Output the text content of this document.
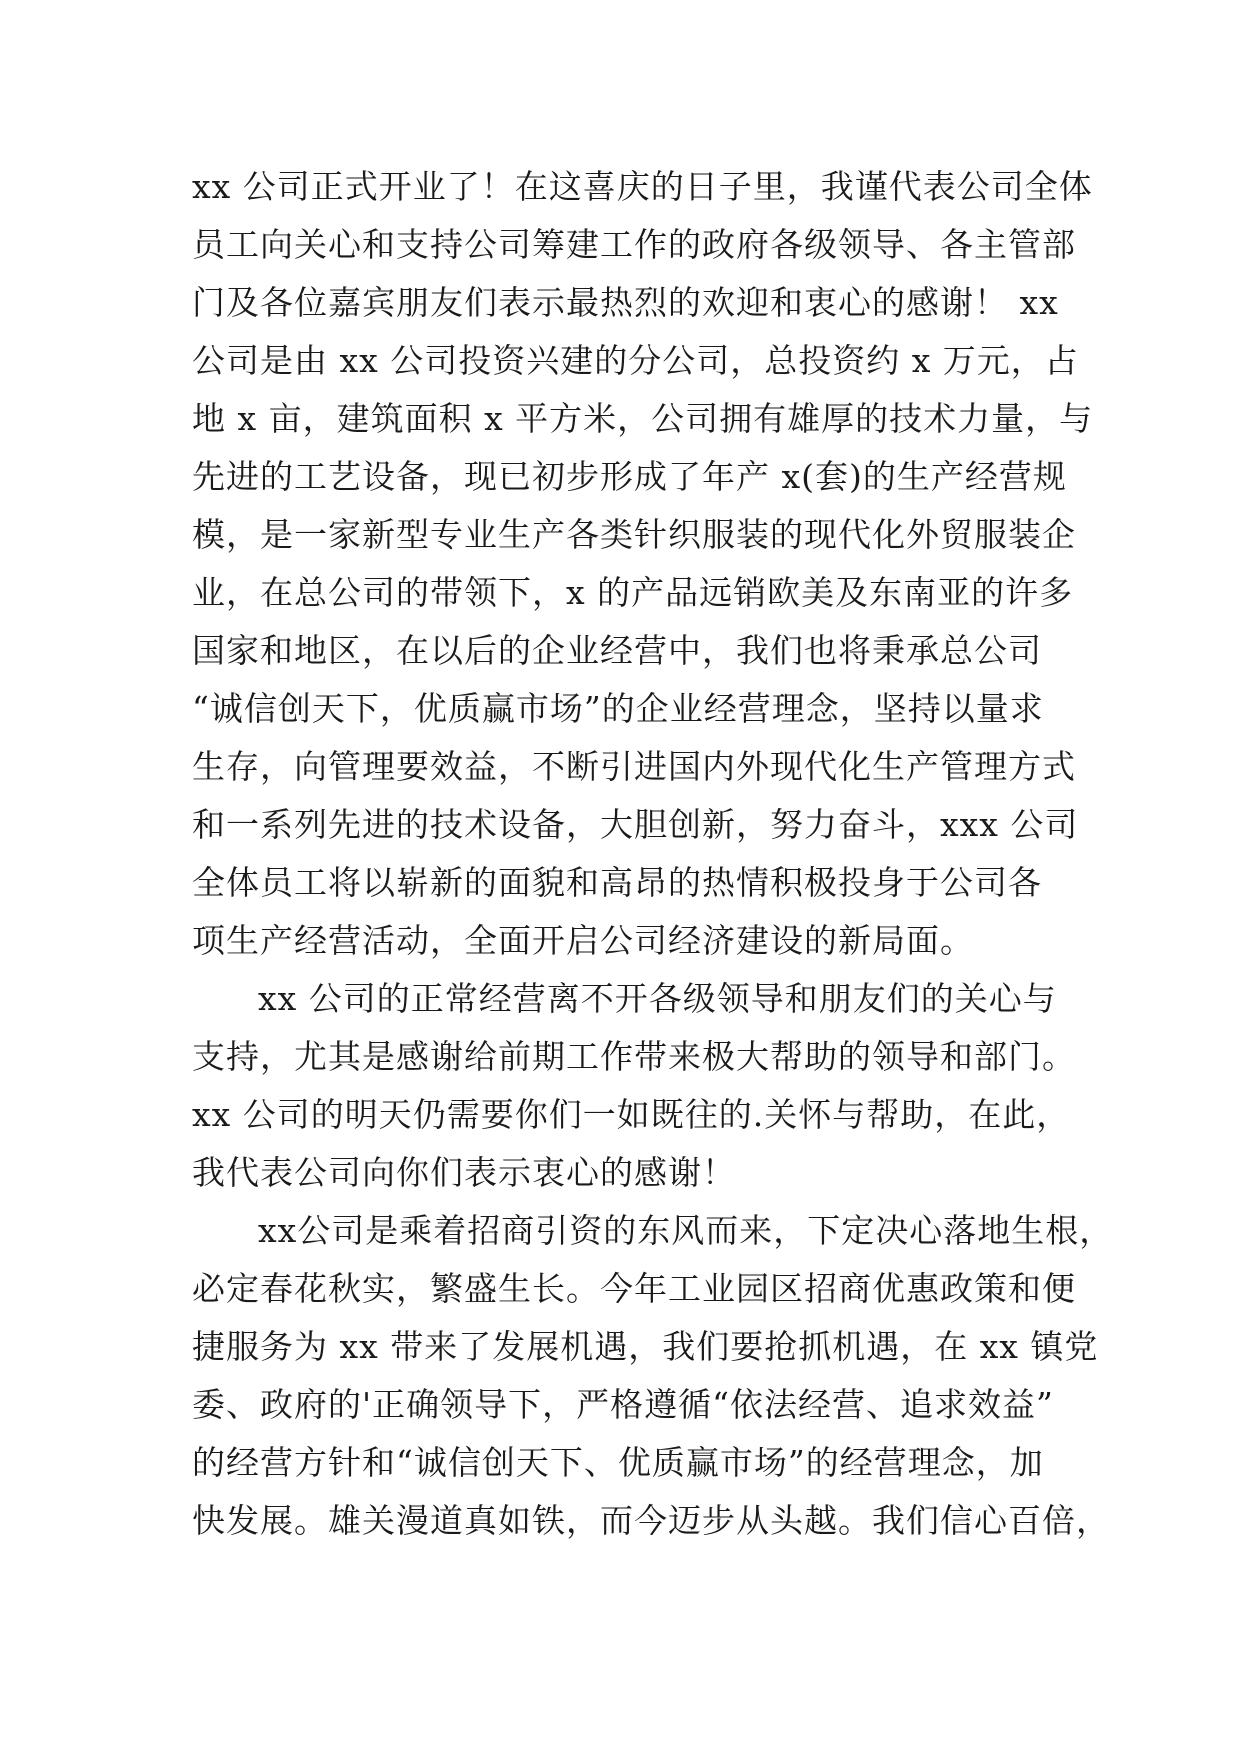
xx 公司正式开业了！在这喜庆的日子里，我谨代表公司全体
员工向关心和支持公司筹建工作的政府各级领导、各主管部
门及各位嘉宾朋友们表示最热烈的欢迎和衷心的感谢！ xx
公司是由 xx 公司投资兴建的分公司，总投资约 x 万元，占
地 x 亩，建筑面积 x 平方米，公司拥有雄厚的技术力量，与
先进的工艺设备，现已初步形成了年产 x(套)的生产经营规
模，是一家新型专业生产各类针织服装的现代化外贸服装企
业，在总公司的带领下，x 的产品远销欧美及东南亚的许多
国家和地区，在以后的企业经营中，我们也将秉承总公司
“诚信创天下，优质赢市场”的企业经营理念，坚持以量求
生存，向管理要效益，不断引进国内外现代化生产管理方式
和一系列先进的技术设备，大胆创新，努力奋斗，xxx 公司
全体员工将以崭新的面貌和高昂的热情积极投身于公司各
项生产经营活动，全面开启公司经济建设的新局面。
xx 公司的正常经营离不开各级领导和朋友们的关心与
支持，尤其是感谢给前期工作带来极大帮助的领导和部门。
xx 公司的明天仍需要你们一如既往的.关怀与帮助，在此，
我代表公司向你们表示衷心的感谢！
xx公司是乘着招商引资的东风而来，下定决心落地生根，
必定春花秋实，繁盛生长。今年工业园区招商优惠政策和便
捷服务为 xx 带来了发展机遇，我们要抢抓机遇，在 xx 镇党
委、政府的'正确领导下，严格遵循“依法经营、追求效益”
的经营方针和“诚信创天下、优质赢市场”的经营理念，加
快发展。雄关漫道真如铁，而今迈步从头越。我们信心百倍，
